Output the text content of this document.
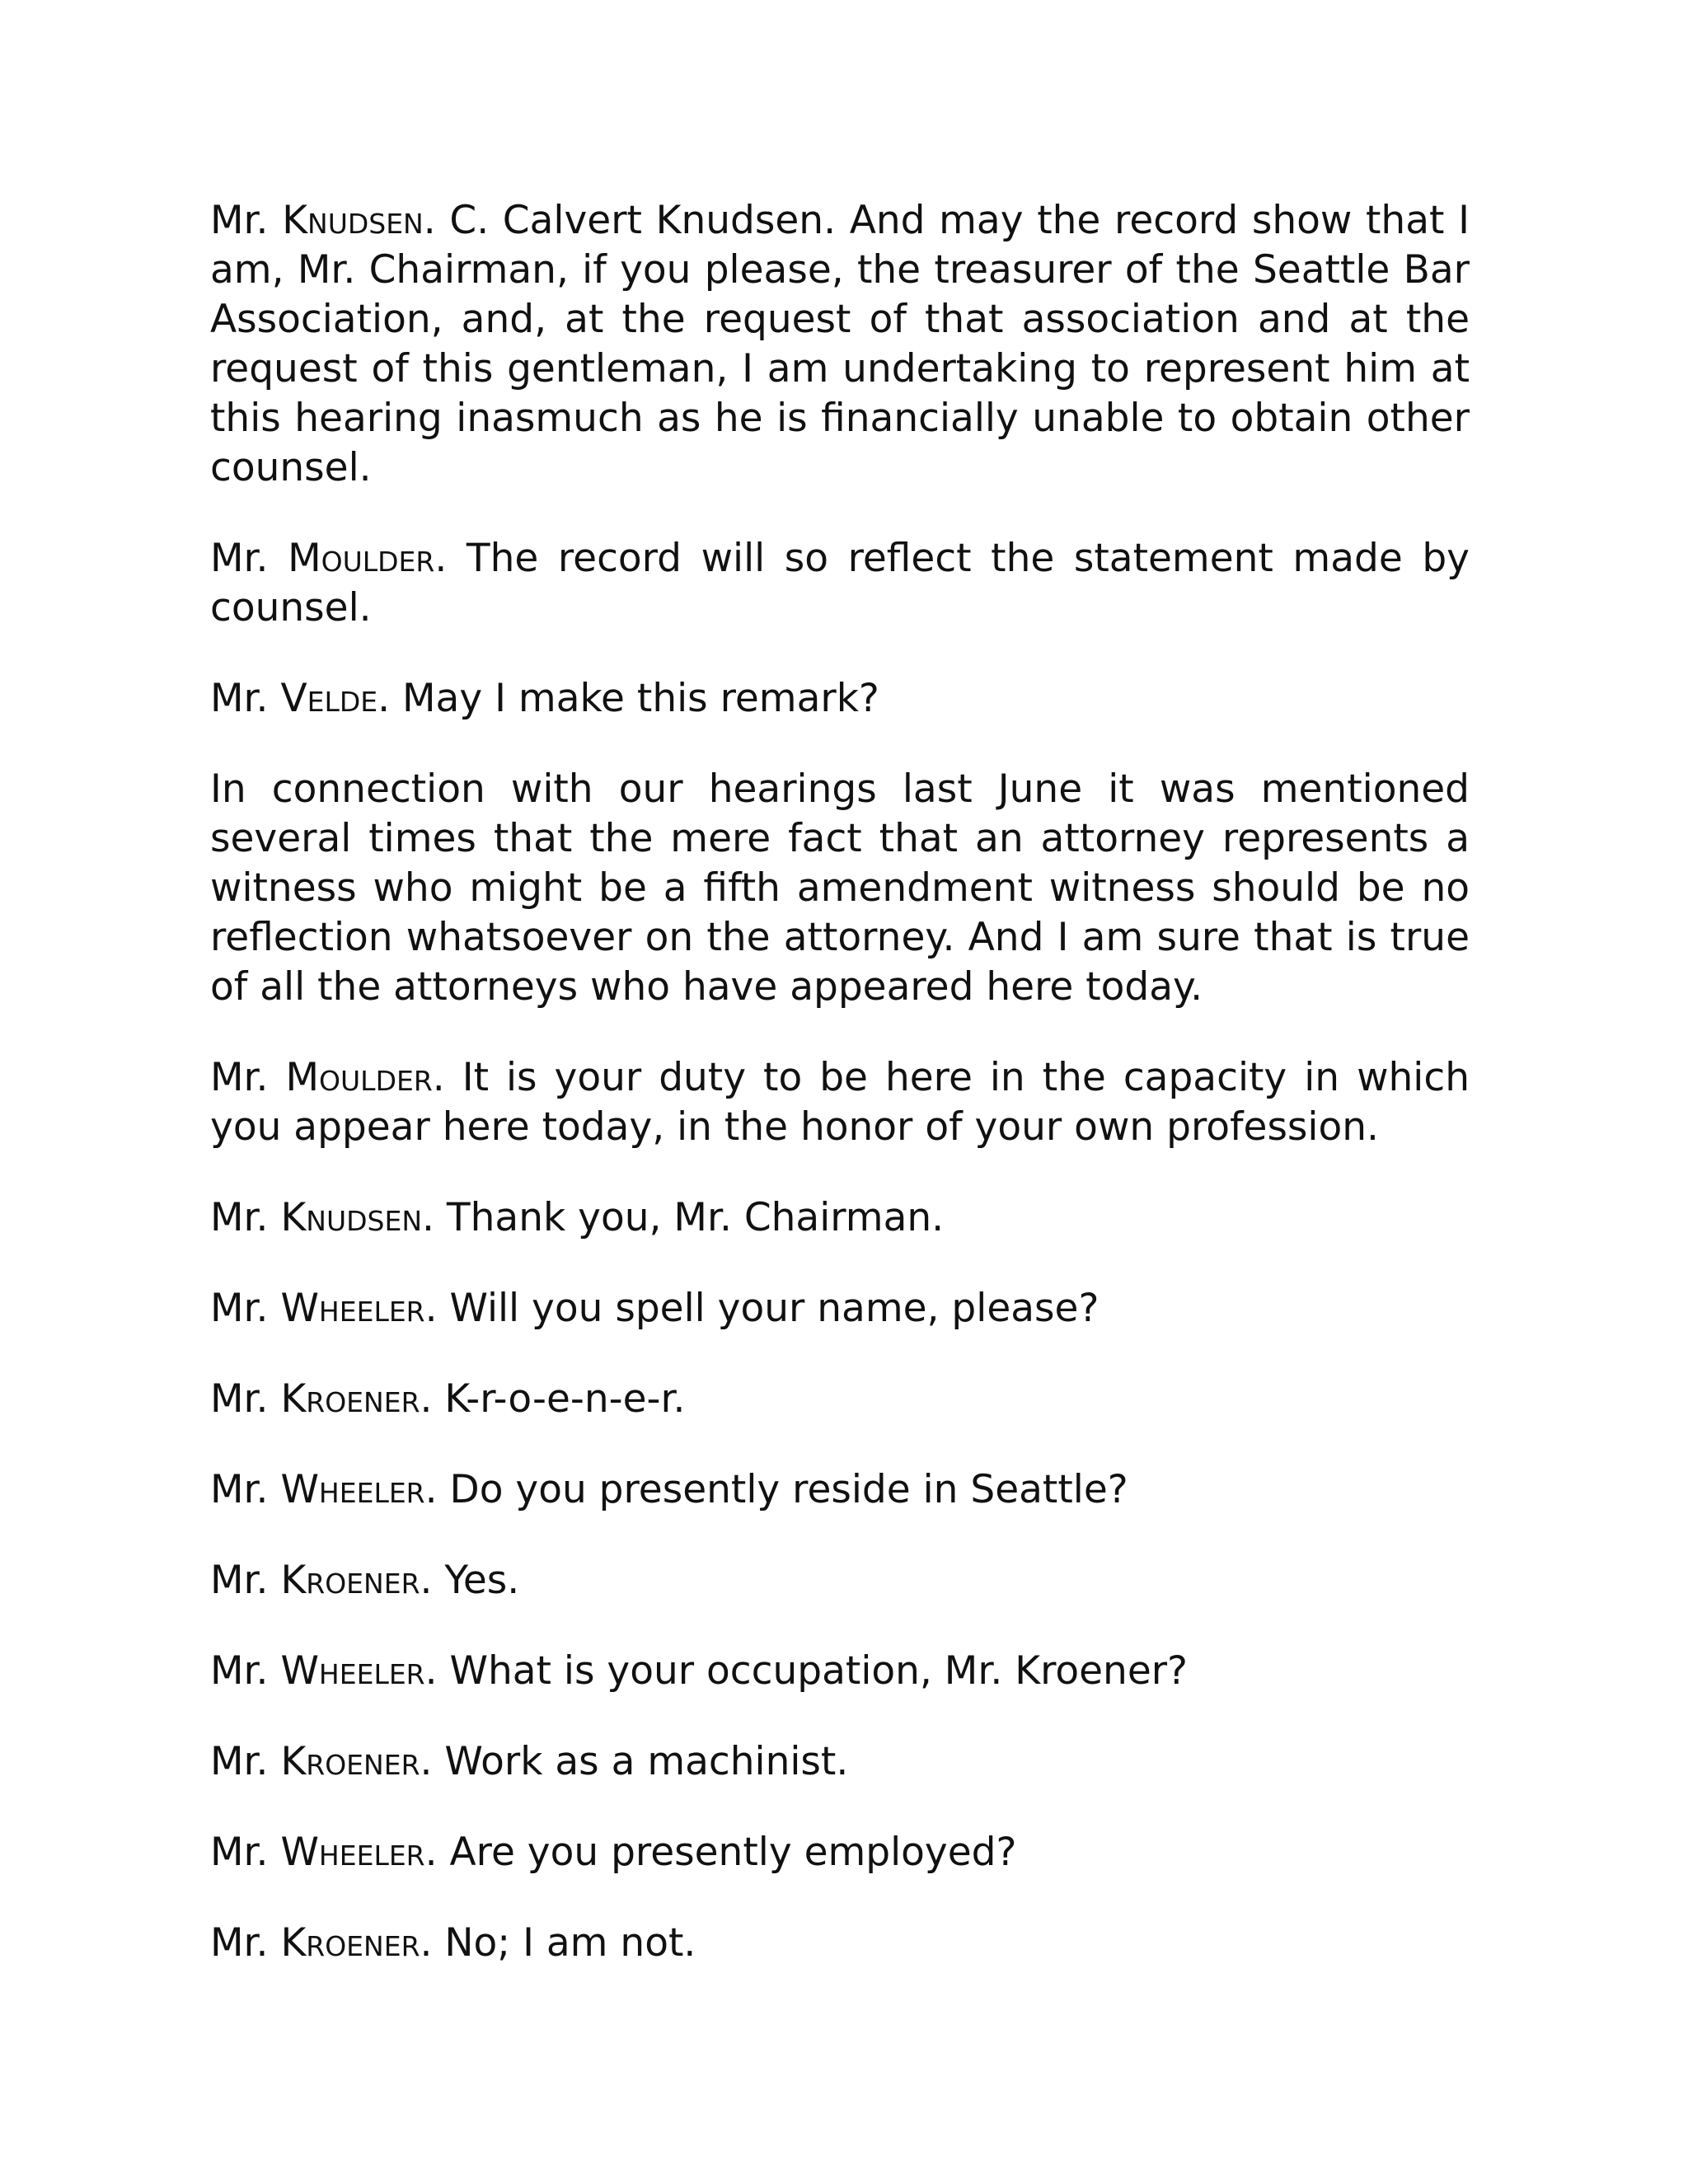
Mr. Knudsen. C. Calvert Knudsen. And may the record show that I am, Mr. Chairman, if you please, the treasurer of the Seattle Bar Association, and, at the request of that association and at the request of this gentleman, I am undertaking to represent him at this hearing inasmuch as he is financially unable to obtain other counsel.

Mr. Moulder. The record will so reflect the statement made by counsel.

Mr. Velde. May I make this remark?

In connection with our hearings last June it was mentioned several times that the mere fact that an attorney represents a witness who might be a fifth amendment witness should be no reflection whatsoever on the attorney. And I am sure that is true of all the attorneys who have appeared here today.

Mr. Moulder. It is your duty to be here in the capacity in which you appear here today, in the honor of your own profession.

Mr. Knudsen. Thank you, Mr. Chairman.

Mr. Wheeler. Will you spell your name, please?

Mr. Kroener. K-r-o-e-n-e-r.

Mr. Wheeler. Do you presently reside in Seattle?

Mr. Kroener. Yes.

Mr. Wheeler. What is your occupation, Mr. Kroener?

Mr. Kroener. Work as a machinist.

Mr. Wheeler. Are you presently employed?

Mr. Kroener. No; I am not.
